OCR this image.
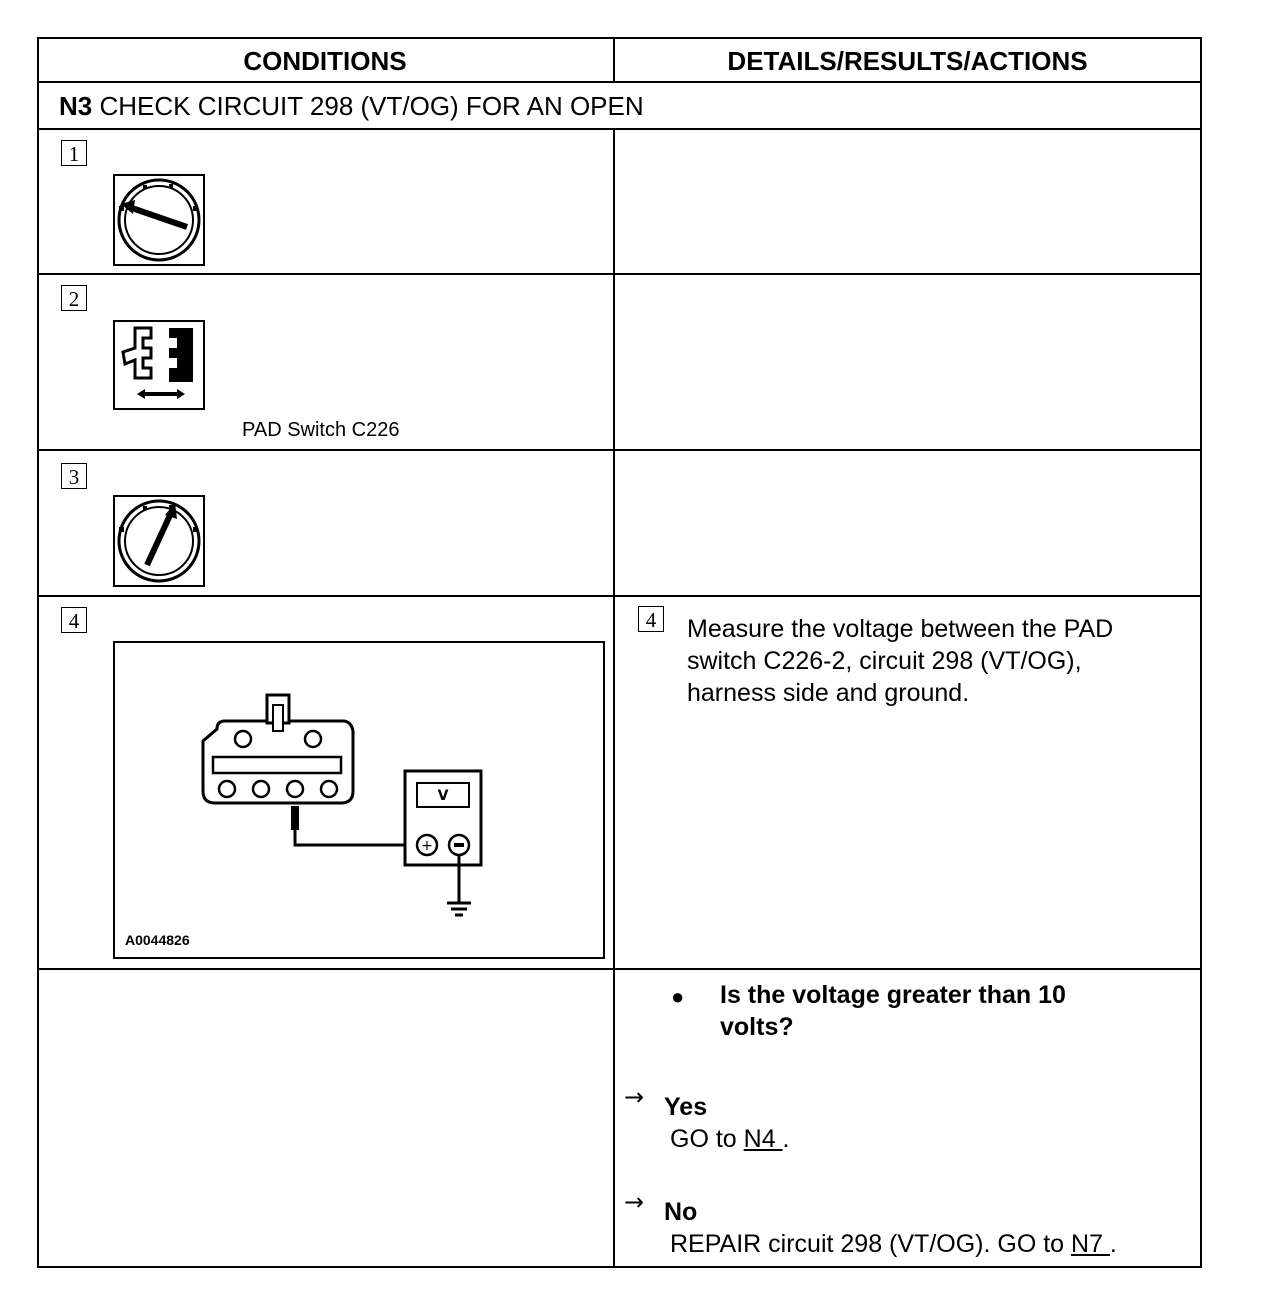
CONDITIONS	DETAILS/RESULTS/ACTIONS
N3 CHECK CIRCUIT 298 (VT/OG) FOR AN OPEN
1
2
PAD Switch C226
3
4
V
+
A0044826
4	Measure the voltage between the PAD
switch C226-2, circuit 298 (VT/OG),
harness side and ground.
● Is the voltage greater than 10
volts?
→ Yes
GO to N4 .
→ No
REPAIR circuit 298 (VT/OG). GO to N7 .
